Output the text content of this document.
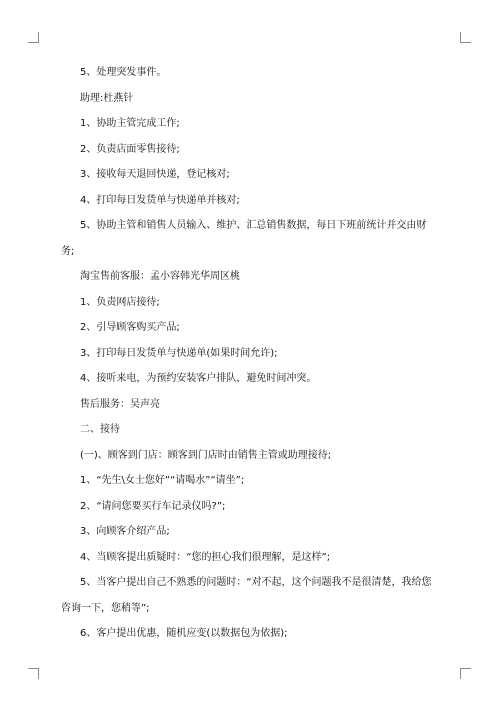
5、处理突发事件。

助理:杜燕针

1、协助主管完成工作;

2、负责店面零售接待;

3、接收每天退回快递，登记核对;

4、打印每日发货单与快递单并核对;

5、协助主管和销售人员输入、维护、汇总销售数据，每日下班前统计并交由财务;

淘宝售前客服：孟小容韩光华周区桃

1、负责网店接待;

2、引导顾客购买产品;

3、打印每日发货单与快递单(如果时间允许);

4、接听来电，为预约安装客户排队，避免时间冲突。

售后服务：吴声亮

二、接待

(一)、顾客到门店：顾客到门店时由销售主管或助理接待;

1、“先生\女士您好”“请喝水”“请坐”;

2、“请问您要买行车记录仪吗?”;

3、向顾客介绍产品;

4、当顾客提出质疑时：“您的担心我们很理解，是这样”;

5、当客户提出自己不熟悉的问题时：“对不起，这个问题我不是很清楚，我给您咨询一下，您稍等”;

6、客户提出优惠，随机应变(以数据包为依据);
